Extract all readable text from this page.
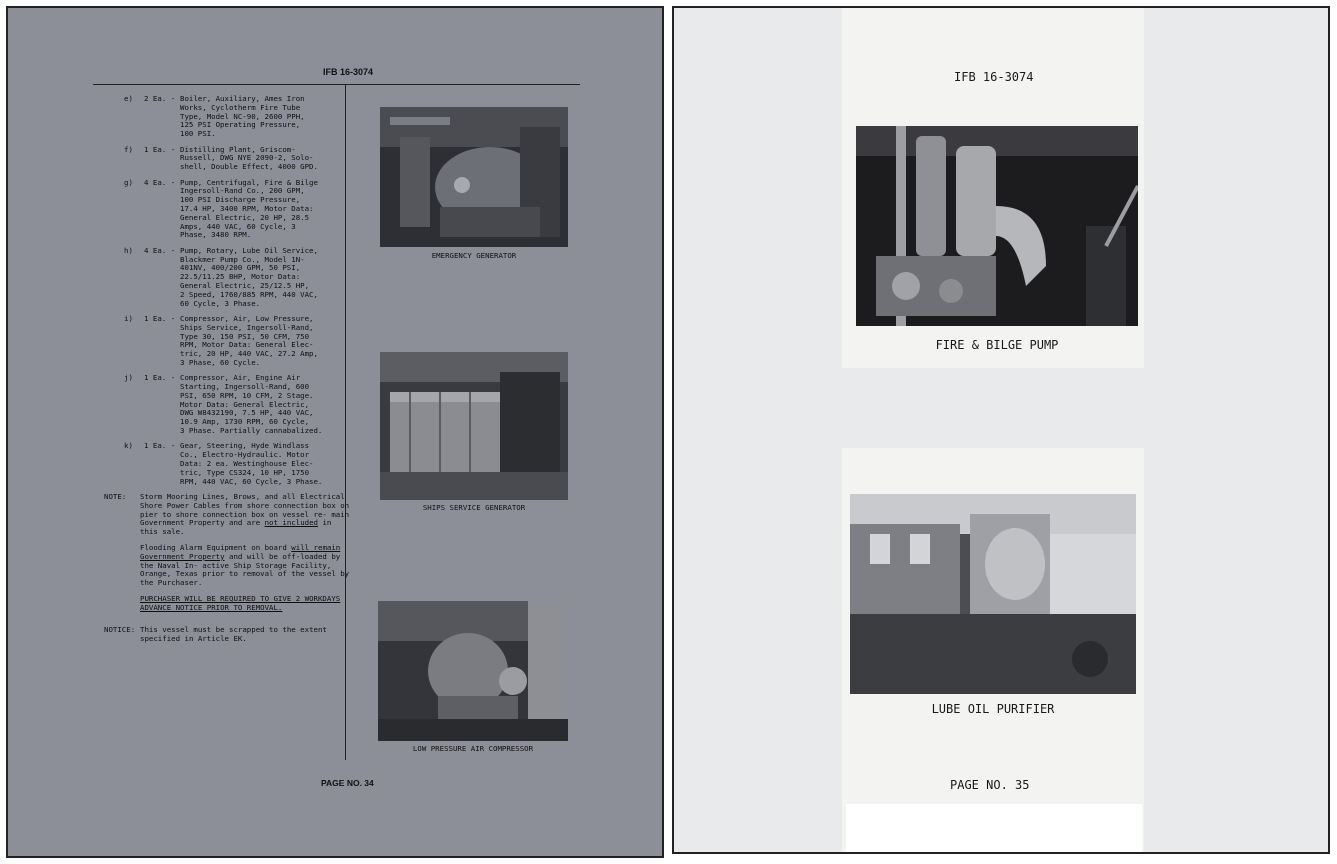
IFB 16-3074
e)	2 Ea. - Boiler, Auxiliary, Ames Iron
Works, Cyclotherm Fire Tube
Type, Model NC-90, 2600 PPH,
125 PSI Operating Pressure,
100 PSI.
f)	1 Ea. - Distilling Plant, Griscom-
Russell, DWG NYE 2090-2, Solo-
shell, Double Effect, 4000 GPD.
g)	4 Ea. - Pump, Centrifugal, Fire & Bilge
Ingersoll-Rand Co., 200 GPM,
100 PSI Discharge Pressure,
17.4 HP, 3400 RPM, Motor Data:
General Electric, 20 HP, 28.5
Amps, 440 VAC, 60 Cycle, 3
Phase, 3480 RPM.
h)	4 Ea. - Pump, Rotary, Lube Oil Service,
Blackmer Pump Co., Model 1N-
401NV, 400/200 GPM, 50 PSI,
22.5/11.25 BHP, Motor Data:
General Electric, 25/12.5 HP,
2 Speed, 1760/885 RPM, 440 VAC,
60 Cycle, 3 Phase.
i)	1 Ea. - Compressor, Air, Low Pressure,
Ships Service, Ingersoll-Rand,
Type 30, 150 PSI, 50 CFM, 750
RPM, Motor Data: General Elec-
tric, 20 HP, 440 VAC, 27.2 Amp,
3 Phase, 60 Cycle.
j)	1 Ea. - Compressor, Air, Engine Air
Starting, Ingersoll-Rand, 600
PSI, 650 RPM, 10 CFM, 2 Stage.
Motor Data: General Electric,
DWG W8432190, 7.5 HP, 440 VAC,
10.9 Amp, 1730 RPM, 60 Cycle,
3 Phase. Partially cannabalized.
k)	1 Ea. - Gear, Steering, Hyde Windlass
Co., Electro-Hydraulic. Motor
Data: 2 ea. Westinghouse Elec-
tric, Type CS324, 10 HP, 1750
RPM, 440 VAC, 60 Cycle, 3 Phase.
NOTE:	Storm Mooring Lines, Brows, and all Electrical Shore Power Cables from shore connection box on pier to shore connection box on vessel re- main Government Property and are not included in this sale.

Flooding Alarm Equipment on board will remain Government Property and will be off-loaded by the Naval In- active Ship Storage Facility, Orange, Texas prior to removal of the vessel by the Purchaser.

PURCHASER WILL BE REQUIRED TO GIVE 2 WORKDAYS ADVANCE NOTICE PRIOR TO REMOVAL.

NOTICE: This vessel must be scrapped to the extent specified in Article EK.
EMERGENCY GENERATOR
SHIPS SERVICE GENERATOR
LOW PRESSURE AIR COMPRESSOR
PAGE NO. 34
IFB 16-3074
FIRE & BILGE PUMP
LUBE OIL PURIFIER
PAGE NO. 35
